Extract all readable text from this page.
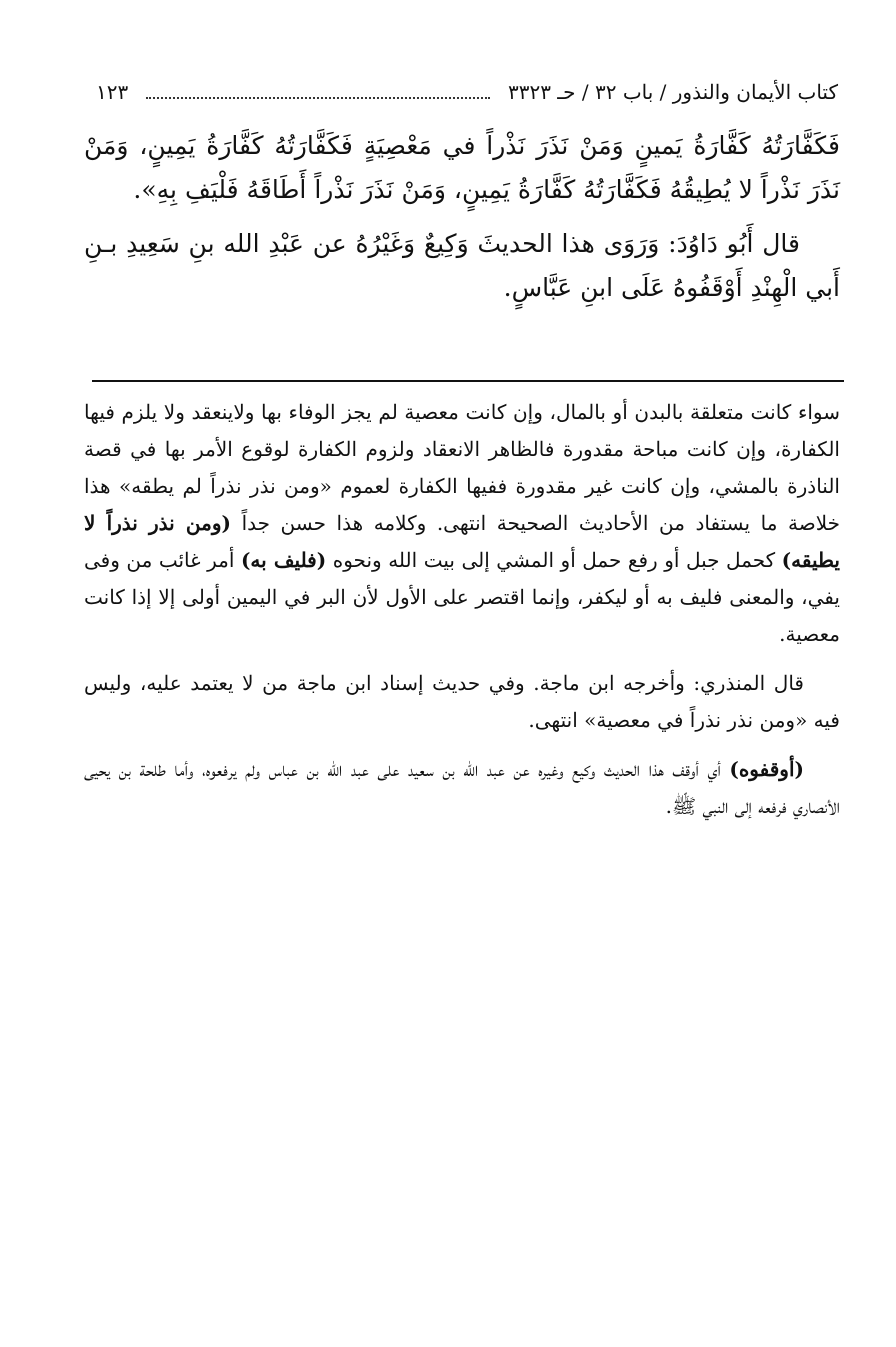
كتاب الأيمان والنذور / باب ٣٢ / حـ ٣٣٢٣
١٢٣

فَكَفَّارَتُهُ كَفَّارَةُ يَمينٍ وَمَنْ نَذَرَ نَذْراً في مَعْصِيَةٍ فَكَفَّارَتُهُ كَفَّارَةُ يَمِينٍ، وَمَنْ نَذَرَ نَذْراً لا يُطِيقُهُ فَكَفَّارَتُهُ كَفَّارَةُ يَمِينٍ، وَمَنْ نَذَرَ نَذْراً أَطَاقَهُ فَلْيَفِ بِهِ».

قال أَبُو دَاوُدَ: وَرَوَى هذا الحديثَ وَكِيعٌ وَغَيْرُهُ عن عَبْدِ الله بنِ سَعِيدِ بـنِ أَبي الْهِنْدِ أَوْقَفُوهُ عَلَى ابنِ عَبَّاسٍ.

سواء كانت متعلقة بالبدن أو بالمال، وإن كانت معصية لم يجز الوفاء بها ولاينعقد ولا يلزم فيها الكفارة، وإن كانت مباحة مقدورة فالظاهر الانعقاد ولزوم الكفارة لوقوع الأمر بها في قصة الناذرة بالمشي، وإن كانت غير مقدورة ففيها الكفارة لعموم «ومن نذر نذراً لم يطقه» هذا خلاصة ما يستفاد من الأحاديث الصحيحة انتهى. وكلامه هذا حسن جداً (ومن نذر نذراً لا يطيقه) كحمل جبل أو رفع حمل أو المشي إلى بيت الله ونحوه (فليف به) أمر غائب من وفى يفي، والمعنى فليف به أو ليكفر، وإنما اقتصر على الأول لأن البر في اليمين أولى إلا إذا كانت معصية.

قال المنذري: وأخرجه ابن ماجة. وفي حديث إسناد ابن ماجة من لا يعتمد عليه، وليس فيه «ومن نذر نذراً في معصية» انتهى.

(أوقفوه) أي أوقف هذا الحديث وكيع وغيره عن عبد الله بن سعيد على عبد الله بن عباس ولم يرفعوه، وأما طلحة بن يحيى الأنصاري فرفعه إلى النبي ﷺ.
